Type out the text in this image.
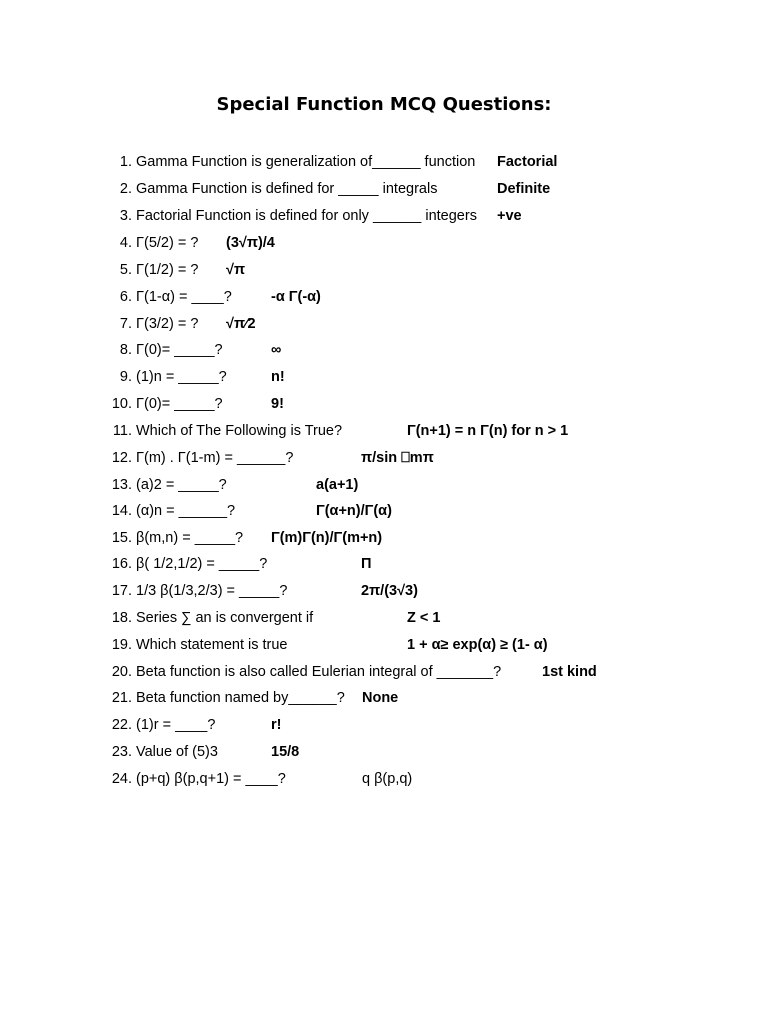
Special Function MCQ Questions:
1. Gamma Function is generalization of______ function Factorial
2. Gamma Function is defined for _____ integrals	Definite
3. Factorial Function is defined for only ______ integers +ve
4. Γ(5/2) = ? (3√π)/4
5. Γ(1/2) = ? √π
6. Γ(1-α) = ____?	-α Γ(-α)
7. Γ(3/2) = ? √π⁄2
8. Γ(0)= _____?	∞
9. (1)n = _____?	n!
10. Γ(0)= _____?	9!
11. Which of The Following is True?	Γ(n+1) = n Γ(n) for n > 1
12. Γ(m) . Γ(1-m) = ______?	π/sin ⎕mπ
13. (a)2 = _____?	a(a+1)
14. (α)n = ______?	Γ(α+n)/Γ(α)
15. β(m,n) = _____? Γ(m)Γ(n)/Γ(m+n)
16. β( 1/2,1/2) = _____?	Π
17. 1/3 β(1/3,2/3) = _____?	2π/(3√3)
18. Series ∑ an is convergent if	Z < 1
19. Which statement is true	1 + α≥ exp(α) ≥ (1- α)
20. Beta function is also called Eulerian integral of _______?	1st kind
21. Beta function named by______? None
22. (1)r = ____?	r!
23. Value of (5)3	15/8
24. (p+q) β(p,q+1) = ____?	q β(p,q)
